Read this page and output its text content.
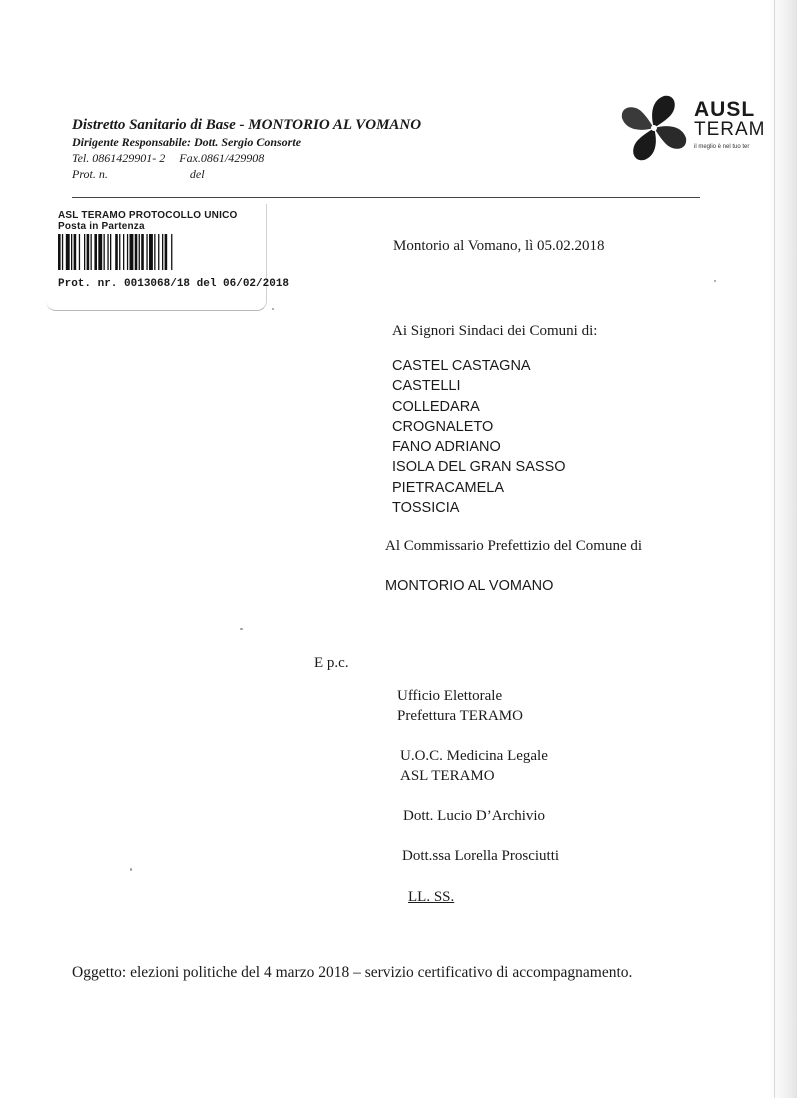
Distretto Sanitario di Base - MONTORIO AL VOMANO
Dirigente Responsabile: Dott. Sergio Consorte
Tel. 0861429901- 2 Fax.0861/429908
Prot. n.	del
AUSL
TERAM
il meglio è nel tuo ter
ASL TERAMO PROTOCOLLO UNICO
Posta in Partenza
Prot. nr. 0013068/18 del 06/02/2018
Montorio al Vomano, lì 05.02.2018
Ai Signori Sindaci dei Comuni di:
CASTEL CASTAGNA
CASTELLI
COLLEDARA
CROGNALETO
FANO ADRIANO
ISOLA DEL GRAN SASSO
PIETRACAMELA
TOSSICIA
Al Commissario Prefettizio del Comune di
MONTORIO AL VOMANO
E p.c.
Ufficio Elettorale
Prefettura TERAMO
U.O.C. Medicina Legale
ASL TERAMO
Dott. Lucio D’Archivio
Dott.ssa Lorella Prosciutti
LL. SS.
Oggetto: elezioni politiche del 4 marzo 2018 – servizio certificativo di accompagnamento.
